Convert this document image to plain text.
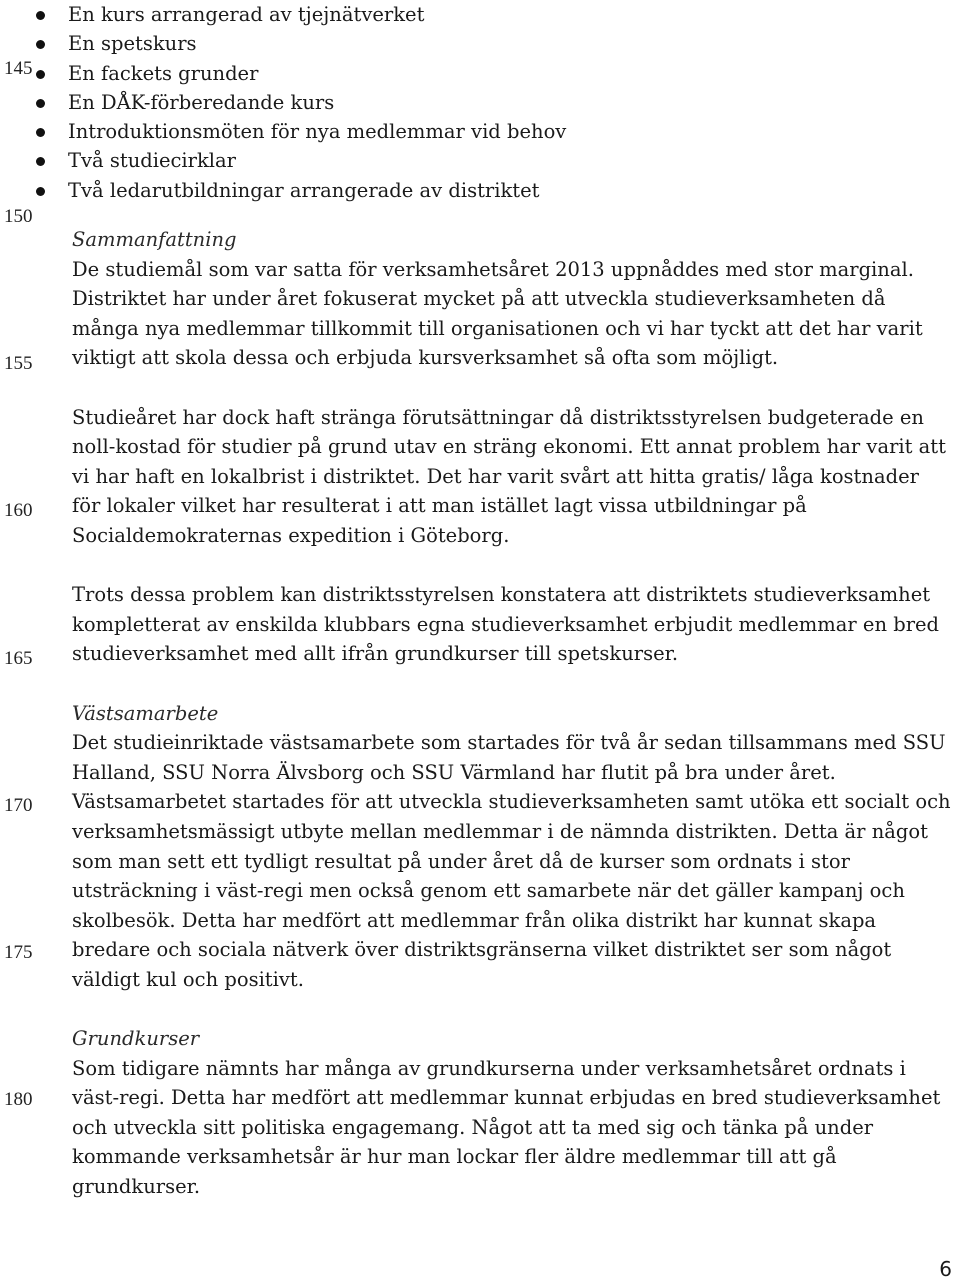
145
150
155
160
165
170
175
180
En kurs arrangerad av tjejnätverket
En spetskurs
En fackets grunder
En DÅK-förberedande kurs
Introduktionsmöten för nya medlemmar vid behov
Två studiecirklar
Två ledarutbildningar arrangerade av distriktet

Sammanfattning

De studiemål som var satta för verksamhetsåret 2013 uppnåddes med stor marginal. Distriktet har under året fokuserat mycket på att utveckla studieverksamheten då många nya medlemmar tillkommit till organisationen och vi har tyckt att det har varit viktigt att skola dessa och erbjuda kursverksamhet så ofta som möjligt.

Studieåret har dock haft stränga förutsättningar då distriktsstyrelsen budgeterade en noll-kostad för studier på grund utav en sträng ekonomi. Ett annat problem har varit att vi har haft en lokalbrist i distriktet. Det har varit svårt att hitta gratis/ låga kostnader för lokaler vilket har resulterat i att man istället lagt vissa utbildningar på Socialdemokraternas expedition i Göteborg.

Trots dessa problem kan distriktsstyrelsen konstatera att distriktets studieverksamhet kompletterat av enskilda klubbars egna studieverksamhet erbjudit medlemmar en bred studieverksamhet med allt ifrån grundkurser till spetskurser.

Västsamarbete

Det studieinriktade västsamarbete som startades för två år sedan tillsammans med SSU Halland, SSU Norra Älvsborg och SSU Värmland har flutit på bra under året. Västsamarbetet startades för att utveckla studieverksamheten samt utöka ett socialt och verksamhetsmässigt utbyte mellan medlemmar i de nämnda distrikten. Detta är något som man sett ett tydligt resultat på under året då de kurser som ordnats i stor utsträckning i väst-regi men också genom ett samarbete när det gäller kampanj och skolbesök. Detta har medfört att medlemmar från olika distrikt har kunnat skapa bredare och sociala nätverk över distriktsgränserna vilket distriktet ser som något väldigt kul och positivt.

Grundkurser

Som tidigare nämnts har många av grundkurserna under verksamhetsåret ordnats i väst-regi. Detta har medfört att medlemmar kunnat erbjudas en bred studieverksamhet och utveckla sitt politiska engagemang. Något att ta med sig och tänka på under kommande verksamhetsår är hur man lockar fler äldre medlemmar till att gå grundkurser.

6
